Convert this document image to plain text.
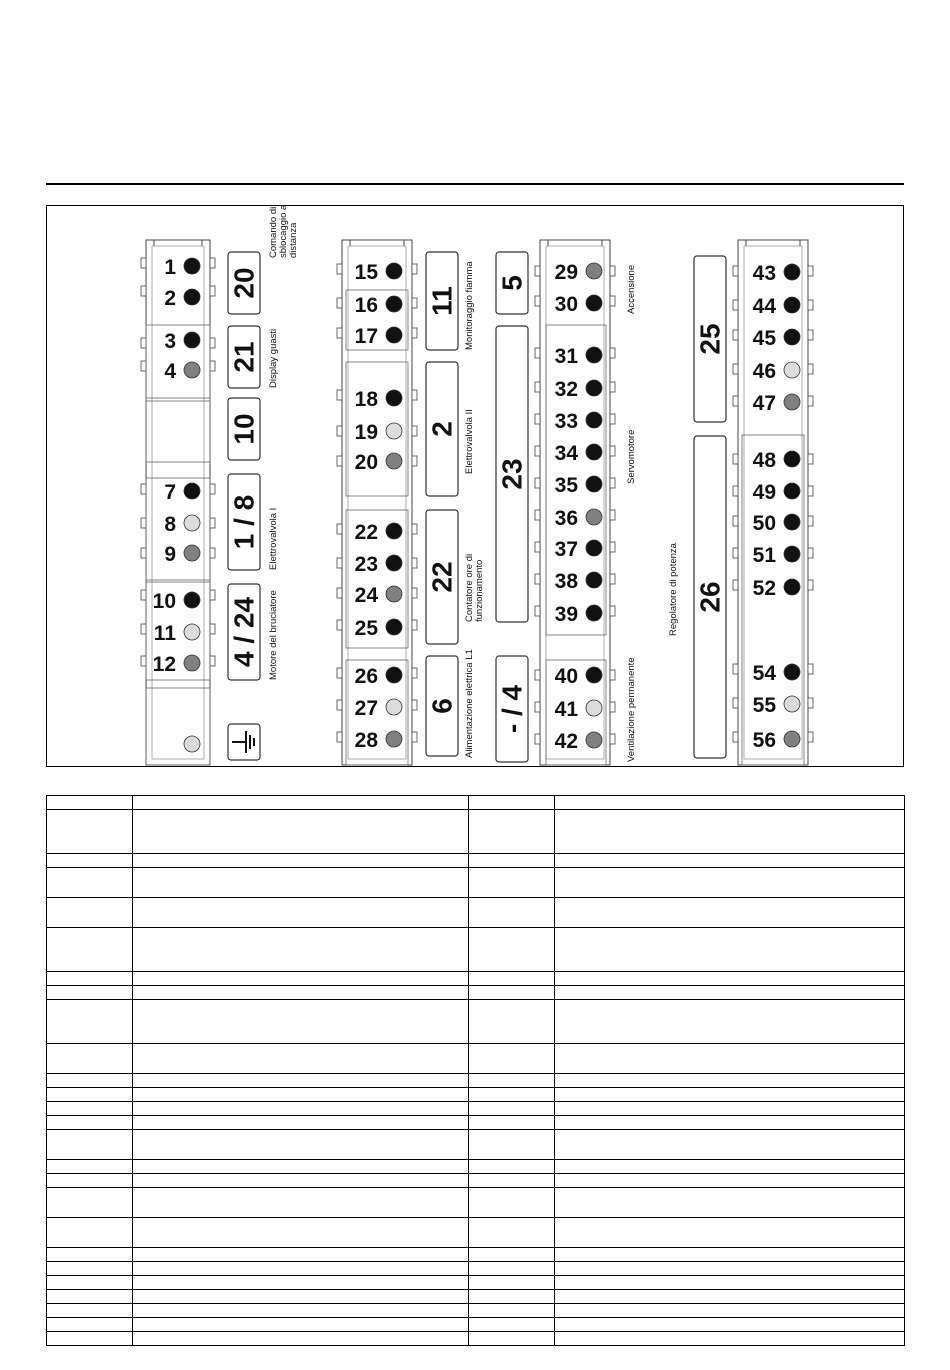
1
2
3
4
7
8
9
10
11
12
15
16
17
18
19
20
22
23
24
25
26
27
28
29
30
31
32
33
34
35
36
37
38
39
40
41
42
43
44
45
46
47
48
49
50
51
52
54
55
56
20
21
10
1 / 8
4 / 24
11
2
22
6
5
23
- / 4
25
26
Comando di sblocaggio a distanza
Display guasti
Elettrovalvola I
Motore del bruciatore
Monitoraggio fiamma
Elettrovalvola II
Contatore ore di funzionamento
Alimentazione elettrica L1
Accensione
Servomotore
Ventilazione permanente
Regolatore di potenza
